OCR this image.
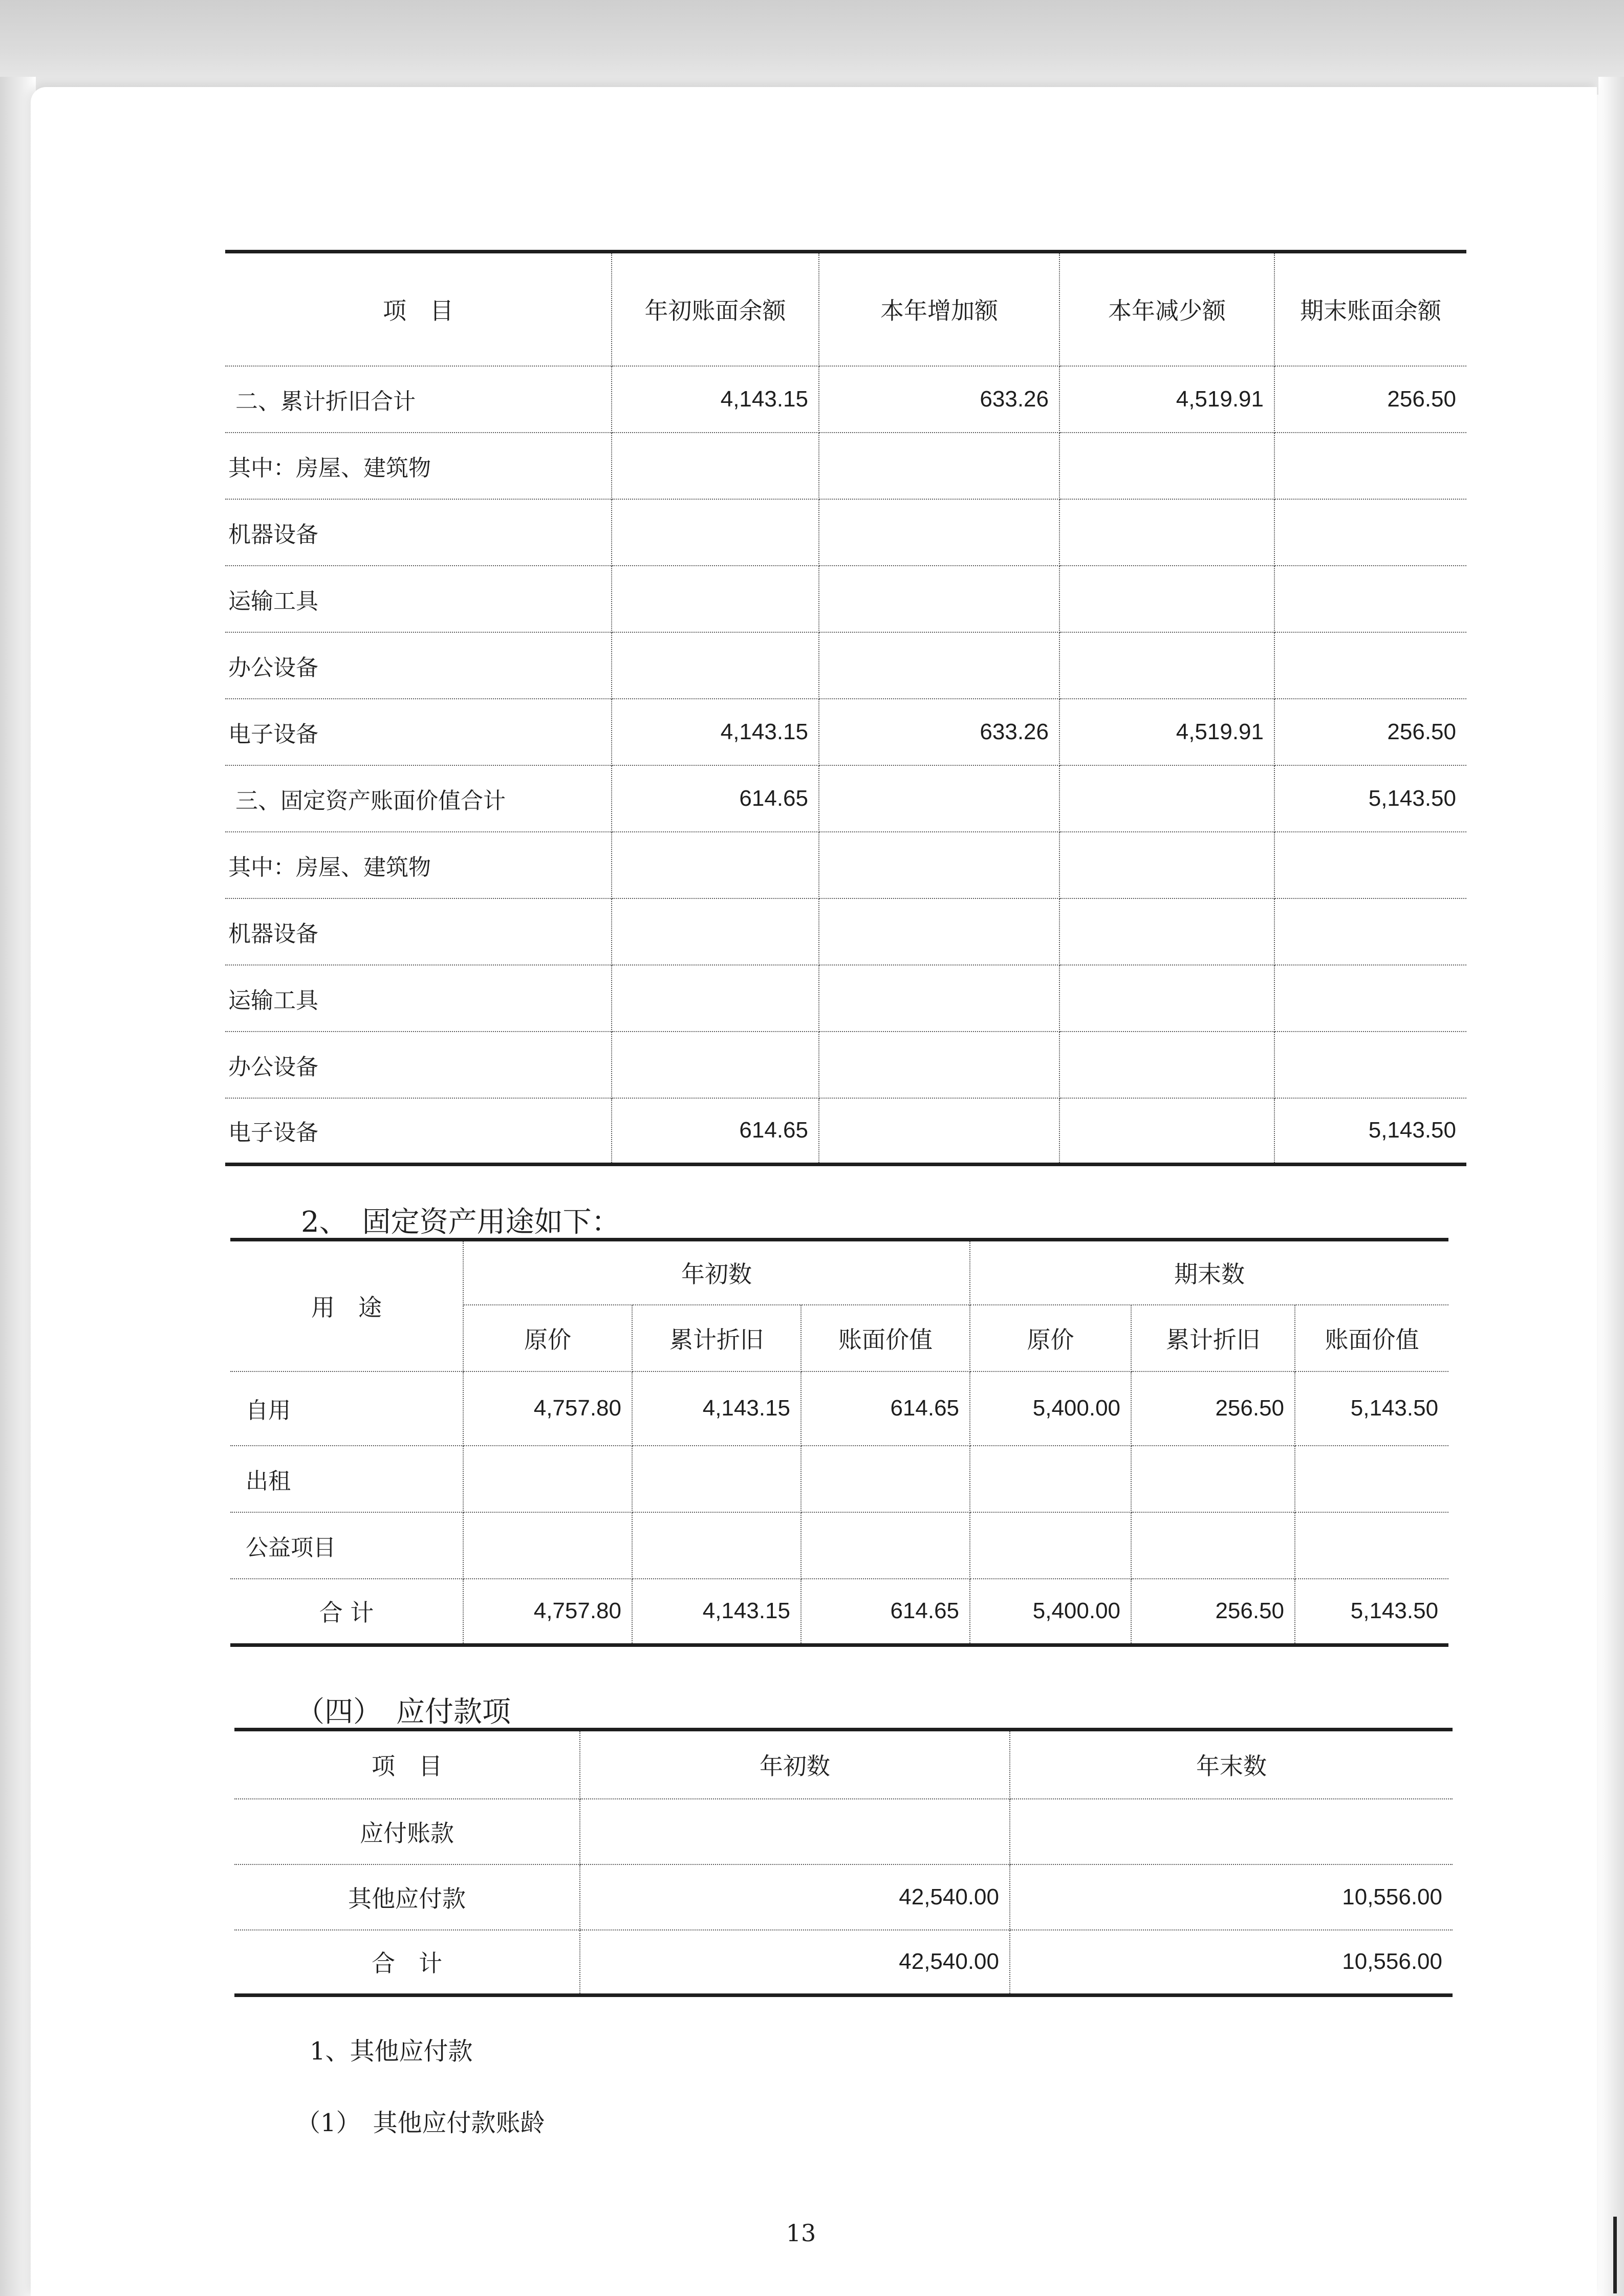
项　目	年初账面余额	本年增加额	本年减少额	期末账面余额
二、累计折旧合计	4,143.15	633.26	4,519.91	256.50
其中：房屋、建筑物				
机器设备				
运输工具				
办公设备				
电子设备	4,143.15	633.26	4,519.91	256.50
三、固定资产账面价值合计	614.65			5,143.50
其中：房屋、建筑物				
机器设备				
运输工具				
办公设备				
电子设备	614.65			5,143.50
2、　固定资产用途如下：
用　途	年初数			期末数		
	原价	累计折旧	账面价值	原价	累计折旧	账面价值
自用	4,757.80	4,143.15	614.65	5,400.00	256.50	5,143.50
出租						
公益项目						
合 计	4,757.80	4,143.15	614.65	5,400.00	256.50	5,143.50
（四）　应付款项
项　目	年初数	年末数
应付账款		
其他应付款	42,540.00	10,556.00
合　计	42,540.00	10,556.00
1、其他应付款
（1）　其他应付款账龄
13
